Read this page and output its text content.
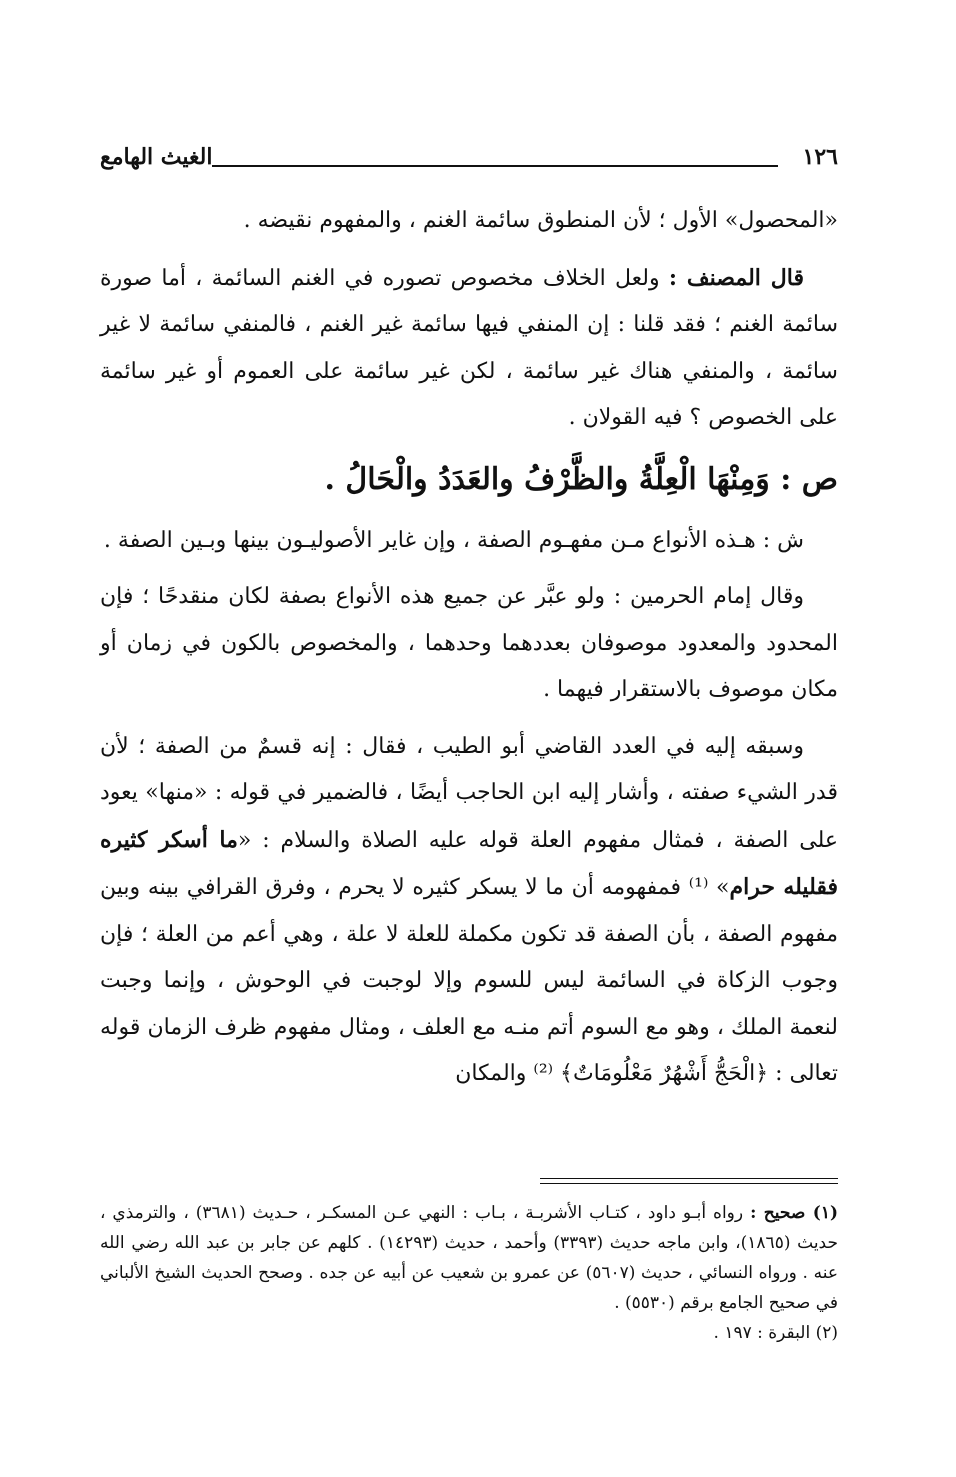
١٢٦
الغيث الهامع

«المحصول» الأول ؛ لأن المنطوق سائمة الغنم ، والمفهوم نقيضه .

قال المصنف : ولعل الخلاف مخصوص تصوره في الغنم السائمة ، أما صورة سائمة الغنم ؛ فقد قلنا : إن المنفي فيها سائمة غير الغنم ، فالمنفي سائمة لا غير سائمة ، والمنفي هناك غير سائمة ، لكن غير سائمة على العموم أو غير سائمة على الخصوص ؟ فيه القولان .

ص : وَمِنْهَا الْعِلَّةُ والظَّرْفُ والعَدَدُ والْحَالُ .

ش : هـذه الأنواع مـن مفهـوم الصفة ، وإن غاير الأصوليـون بينها وبـين الصفة .

وقال إمام الحرمين : ولو عبَّر عن جميع هذه الأنواع بصفة لكان منقدحًا ؛ فإن المحدود والمعدود موصوفان بعددهما وحدهما ، والمخصوص بالكون في زمان أو مكان موصوف بالاستقرار فيهما .

وسبقه إليه في العدد القاضي أبو الطيب ، فقال : إنه قسمٌ من الصفة ؛ لأن قدر الشيء صفته ، وأشار إليه ابن الحاجب أيضًا ، فالضمير في قوله : «منها» يعود على الصفة ، فمثال مفهوم العلة قوله عليه الصلاة والسلام : «ما أسكر كثيره فقليله حرام» ⁽¹⁾ فمفهومه أن ما لا يسكر كثيره لا يحرم ، وفرق القرافي بينه وبين مفهوم الصفة ، بأن الصفة قد تكون مكملة للعلة لا علة ، وهي أعم من العلة ؛ فإن وجوب الزكاة في السائمة ليس للسوم وإلا لوجبت في الوحوش ، وإنما وجبت لنعمة الملك ، وهو مع السوم أتم منـه مع العلف ، ومثال مفهوم ظرف الزمان قوله تعالى : ﴿الْحَجُّ أَشْهُرٌ مَعْلُومَاتٌ﴾ ⁽²⁾ والمكان

(١) صحيح : رواه أبـو داود ، كتـاب الأشربـة ، بـاب : النهي عـن المسكـر ، حـديث (٣٦٨١) ، والترمذي ، حديث (١٨٦٥)، وابن ماجه حديث (٣٣٩٣) وأحمد ، حديث (١٤٢٩٣) . كلهم عن جابر بن عبد الله رضي الله عنه . ورواه النسائي ، حديث (٥٦٠٧) عن عمرو بن شعيب عن أبيه عن جده . وصحح الحديث الشيخ الألباني في صحيح الجامع برقم (٥٥٣٠) .

(٢) البقرة : ١٩٧ .
